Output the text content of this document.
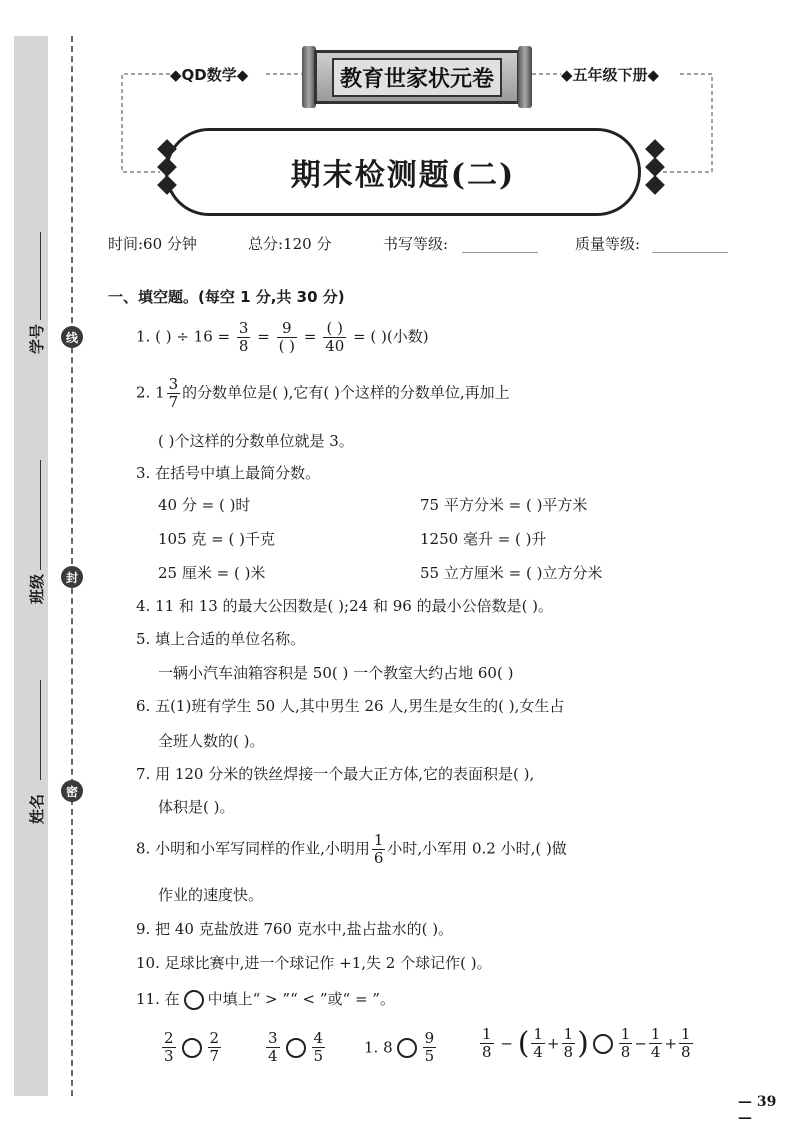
线
封
密
学号
班级
姓名
◆QD数学◆	教育世家状元卷	◆五年级下册◆
期末检测题(二)
时间:60 分钟	总分:120 分	书写等级:	质量等级:
一、填空题。(每空 1 分,共 30 分)
1. ( ) ÷ $16 = \frac{3}{8} = \frac{9}{( )} = \frac{( )}{40}$ = ( )(小数)
2. $1 \frac{3}{7}$ 的分数单位是( ),它有( )个这样的分数单位,再加上
( )个这样的分数单位就是 3。
3. 在括号中填上最简分数。
40 分 = ( )时	75 平方分米 = ( )平方米
105 克 = ( )千克	1250 毫升 = ( )升
25 厘米 = ( )米	55 立方厘米 = ( )立方分米
4. 11 和 13 的最大公因数是( );24 和 96 的最小公倍数是( )。
5. 填上合适的单位名称。
一辆小汽车油箱容积是 50( ) 一个教室大约占地 60( )
6. 五(1)班有学生 50 人,其中男生 26 人,男生是女生的( ),女生占
全班人数的( )。
7. 用 120 分米的铁丝焊接一个最大正方体,它的表面积是( ),
体积是( )。
8. 小明和小军写同样的作业,小明用 $\frac{1}{6}$ 小时,小军用 0.2 小时,( )做
作业的速度快。
9. 把 40 克盐放进 760 克水中,盐占盐水的( )。
10. 足球比赛中,进一个球记作 +1,失 2 个球记作( )。
11. 在 中填上“ > ”“ < ”或“ = ”。
$\frac{2}{3} \frac{2}{7}$	$\frac{3}{4} \frac{4}{5}$	1. $8 \frac{9}{5}$	$\frac{1}{8}$ − ( $\frac{1}{4} + \frac{1}{8}$ ) $\frac{1}{8} - \frac{1}{4} + \frac{1}{8}$
— 39 —
